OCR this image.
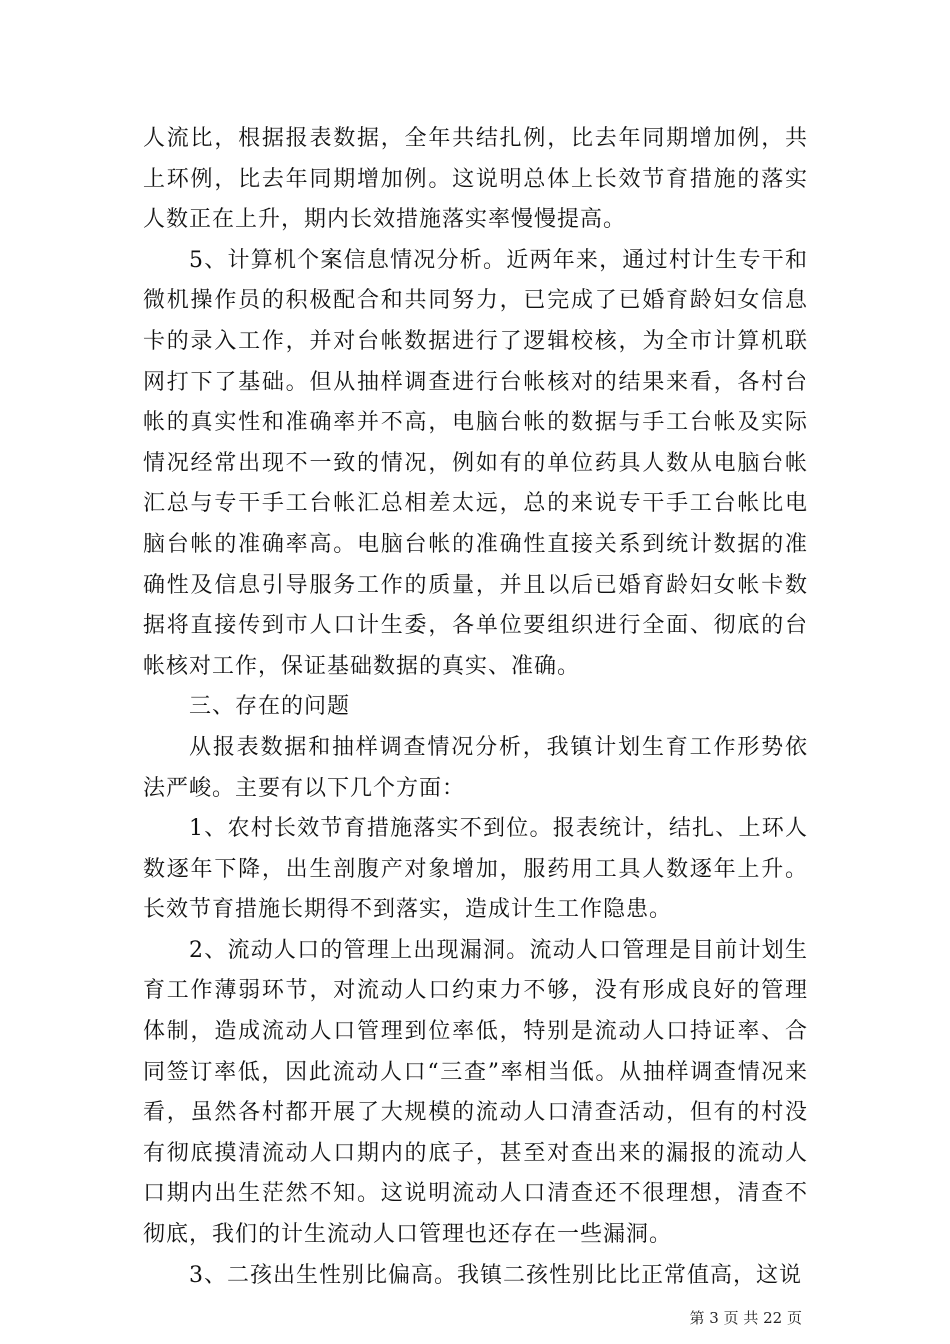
人流比，根据报表数据，全年共结扎例，比去年同期增加例，共上环例，比去年同期增加例。这说明总体上长效节育措施的落实人数正在上升，期内长效措施落实率慢慢提高。

5、计算机个案信息情况分析。近两年来，通过村计生专干和微机操作员的积极配合和共同努力，已完成了已婚育龄妇女信息卡的录入工作，并对台帐数据进行了逻辑校核，为全市计算机联网打下了基础。但从抽样调查进行台帐核对的结果来看，各村台帐的真实性和准确率并不高，电脑台帐的数据与手工台帐及实际情况经常出现不一致的情况，例如有的单位药具人数从电脑台帐汇总与专干手工台帐汇总相差太远，总的来说专干手工台帐比电脑台帐的准确率高。电脑台帐的准确性直接关系到统计数据的准确性及信息引导服务工作的质量，并且以后已婚育龄妇女帐卡数据将直接传到市人口计生委，各单位要组织进行全面、彻底的台帐核对工作，保证基础数据的真实、准确。

三、存在的问题

从报表数据和抽样调查情况分析，我镇计划生育工作形势依法严峻。主要有以下几个方面：

1、农村长效节育措施落实不到位。报表统计，结扎、上环人数逐年下降，出生剖腹产对象增加，服药用工具人数逐年上升。长效节育措施长期得不到落实，造成计生工作隐患。

2、流动人口的管理上出现漏洞。流动人口管理是目前计划生育工作薄弱环节，对流动人口约束力不够，没有形成良好的管理体制，造成流动人口管理到位率低，特别是流动人口持证率、合同签订率低，因此流动人口“三查”率相当低。从抽样调查情况来看，虽然各村都开展了大规模的流动人口清查活动，但有的村没有彻底摸清流动人口期内的底子，甚至对查出来的漏报的流动人口期内出生茫然不知。这说明流动人口清查还不很理想，清查不彻底，我们的计生流动人口管理也还存在一些漏洞。

3、二孩出生性别比偏高。我镇二孩性别比比正常值高，这说

第 3 页 共 22 页
